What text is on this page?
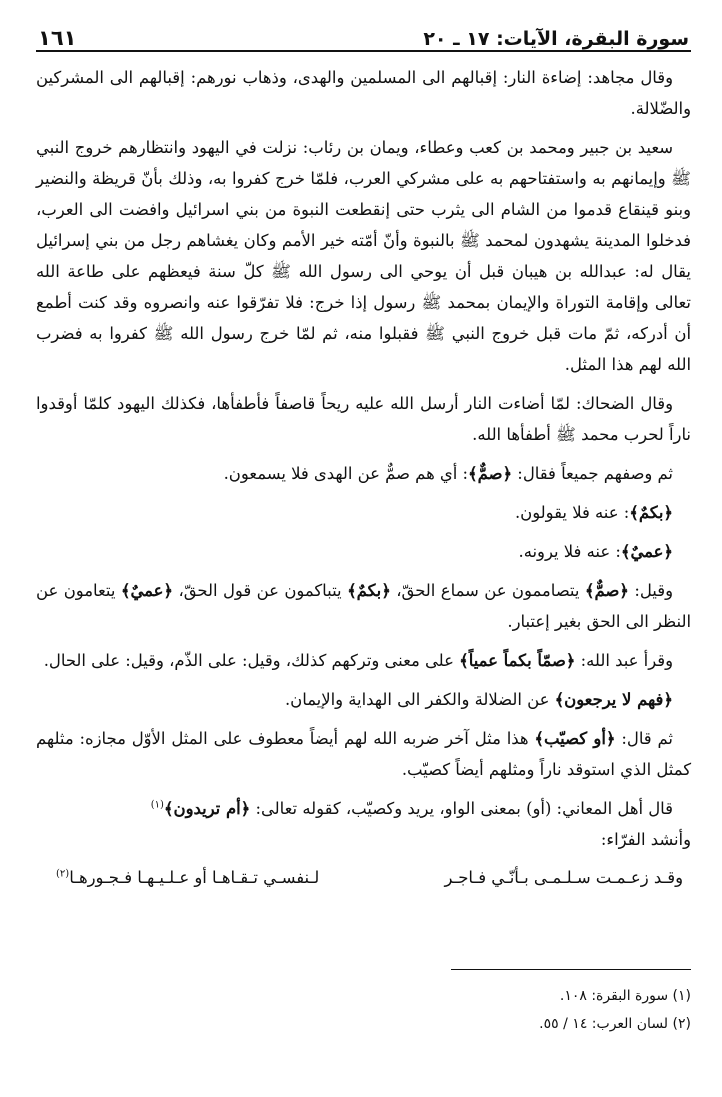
سورة البقرة، الآيات: ١٧ ـ ٢٠
١٦١

وقال مجاهد: إضاءة النار: إقبالهم الى المسلمين والهدى، وذهاب نورهم: إقبالهم الى المشركين والضّلالة.

سعيد بن جبير ومحمد بن كعب وعطاء، ويمان بن رئاب: نزلت في اليهود وانتظارهم خروج النبي ﷺ وإيمانهم به واستفتاحهم به على مشركي العرب، فلمّا خرج كفروا به، وذلك بأنّ قريظة والنضير وبنو قينقاع قدموا من الشام الى يثرب حتى إنقطعت النبوة من بني اسرائيل وافضت الى العرب، فدخلوا المدينة يشهدون لمحمد ﷺ بالنبوة وأنّ أمّته خير الأمم وكان يغشاهم رجل من بني إسرائيل يقال له: عبدالله بن هيبان قبل أن يوحي الى رسول الله ﷺ كلّ سنة فيعظهم على طاعة الله تعالى وإقامة التوراة والإيمان بمحمد ﷺ رسول إذا خرج: فلا تفرّقوا عنه وانصروه وقد كنت أطمع أن أدركه، ثمّ مات قبل خروج النبي ﷺ فقبلوا منه، ثم لمّا خرج رسول الله ﷺ كفروا به فضرب الله لهم هذا المثل.

وقال الضحاك: لمّا أضاءت النار أرسل الله عليه ريحاً قاصفاً فأطفأها، فكذلك اليهود كلمّا أوقدوا ناراً لحرب محمد ﷺ أطفأها الله.

ثم وصفهم جميعاً فقال: ﴿صمٌّ﴾: أي هم صمٌّ عن الهدى فلا يسمعون.

﴿بكمٌ﴾: عنه فلا يقولون.

﴿عميٌ﴾: عنه فلا يرونه.

وقيل: ﴿صمٌّ﴾ يتصاممون عن سماع الحقّ، ﴿بكمٌ﴾ يتباكمون عن قول الحقّ، ﴿عميٌ﴾ يتعامون عن النظر الى الحق بغير إعتبار.

وقرأ عبد الله: ﴿صمّاً بكماً عمياً﴾ على معنى وتركهم كذلك، وقيل: على الذّم، وقيل: على الحال.

﴿فهم لا يرجعون﴾ عن الضلالة والكفر الى الهداية والإيمان.

ثم قال: ﴿أو كصيّب﴾ هذا مثل آخر ضربه الله لهم أيضاً معطوف على المثل الأوّل مجازه: مثلهم كمثل الذي استوقد ناراً ومثلهم أيضاً كصيّب.

قال أهل المعاني: (أو) بمعنى الواو، يريد وكصيّب، كقوله تعالى: ﴿أم تريدون﴾$^{(١)}$

وأنشد الفرّاء:

وقـد زعـمـت سـلـمـى بـأنّـي فـاجـر
لـنفسـي تـقـاهـا أو عـلـيـهـا فـجـورهـا$^{(٢)}$
(١) سورة البقرة: ١٠٨.
(٢) لسان العرب: ١٤ / ٥٥.
